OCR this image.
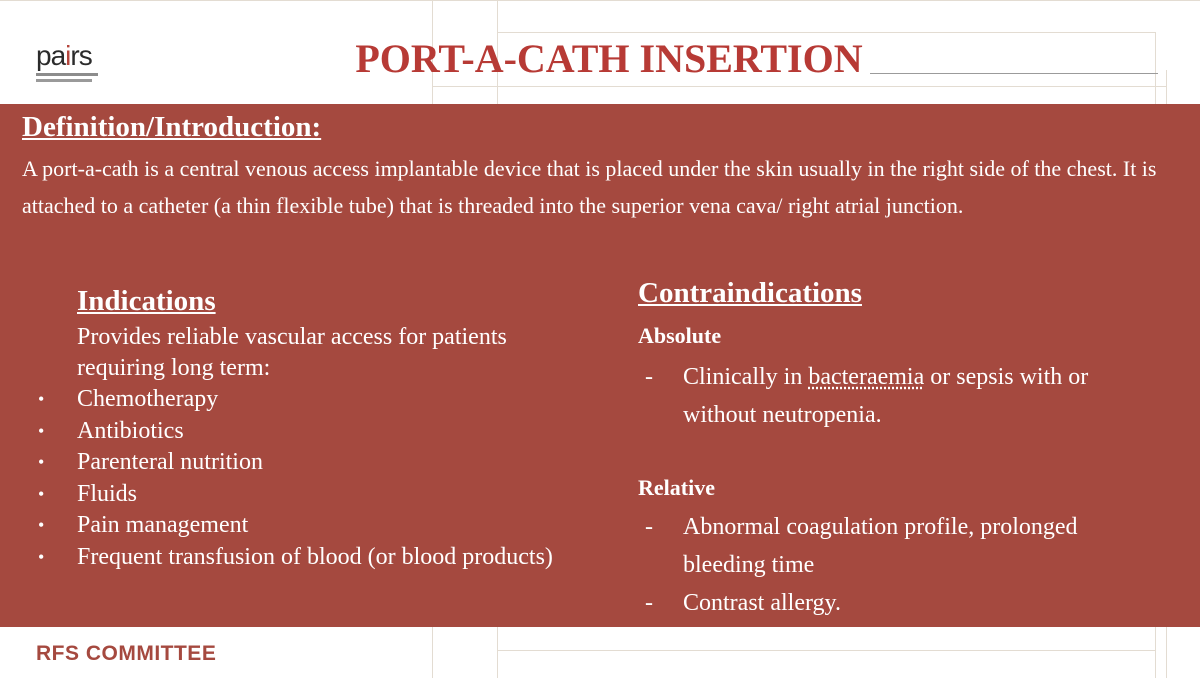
pairs	PORT-A-CATH INSERTION
Definition/Introduction:

A port-a-cath is a central venous access implantable device that is placed under the skin usually in the right side of the chest. It is attached to a catheter (a thin flexible tube) that is threaded into the superior vena cava/ right atrial junction.

Indications

Provides reliable vascular access for patients requiring long term:

• Chemotherapy
• Antibiotics
• Parenteral nutrition
• Fluids
• Pain management
• Frequent transfusion of blood (or blood products)
Contraindications
Absolute
- Clinically in bacteraemia or sepsis with or without neutropenia.
Relative
- Abnormal coagulation profile, prolonged bleeding time
- Contrast allergy.

RFS COMMITTEE
